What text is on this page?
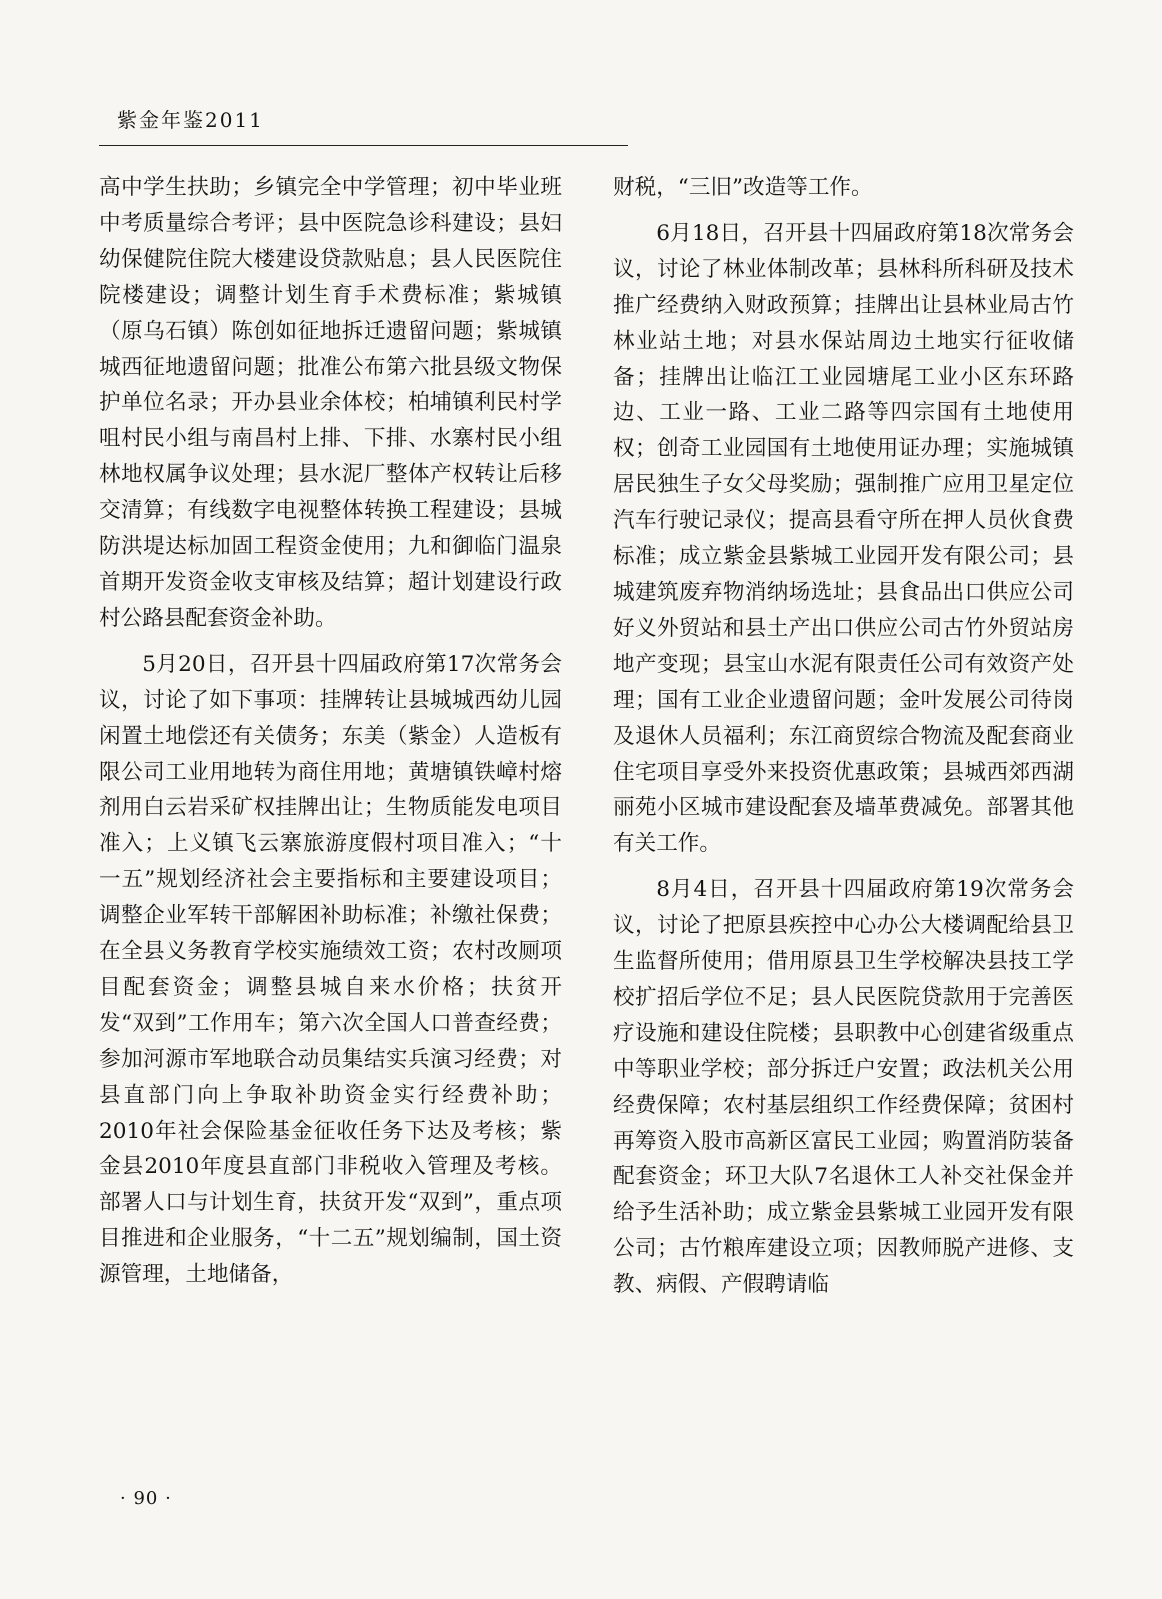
紫金年鉴2011

高中学生扶助；乡镇完全中学管理；初中毕业班中考质量综合考评；县中医院急诊科建设；县妇幼保健院住院大楼建设贷款贴息；县人民医院住院楼建设；调整计划生育手术费标准；紫城镇（原乌石镇）陈创如征地拆迁遗留问题；紫城镇城西征地遗留问题；批准公布第六批县级文物保护单位名录；开办县业余体校；柏埔镇利民村学咀村民小组与南昌村上排、下排、水寨村民小组林地权属争议处理；县水泥厂整体产权转让后移交清算；有线数字电视整体转换工程建设；县城防洪堤达标加固工程资金使用；九和御临门温泉首期开发资金收支审核及结算；超计划建设行政村公路县配套资金补助。

5月20日，召开县十四届政府第17次常务会议，讨论了如下事项：挂牌转让县城城西幼儿园闲置土地偿还有关债务；东美（紫金）人造板有限公司工业用地转为商住用地；黄塘镇铁嶂村熔剂用白云岩采矿权挂牌出让；生物质能发电项目准入；上义镇飞云寨旅游度假村项目准入；“十一五”规划经济社会主要指标和主要建设项目；调整企业军转干部解困补助标准；补缴社保费；在全县义务教育学校实施绩效工资；农村改厕项目配套资金；调整县城自来水价格；扶贫开发“双到”工作用车；第六次全国人口普查经费；参加河源市军地联合动员集结实兵演习经费；对县直部门向上争取补助资金实行经费补助；2010年社会保险基金征收任务下达及考核；紫金县2010年度县直部门非税收入管理及考核。部署人口与计划生育，扶贫开发“双到”，重点项目推进和企业服务，“十二五”规划编制，国土资源管理，土地储备，

财税，“三旧”改造等工作。

6月18日，召开县十四届政府第18次常务会议，讨论了林业体制改革；县林科所科研及技术推广经费纳入财政预算；挂牌出让县林业局古竹林业站土地；对县水保站周边土地实行征收储备；挂牌出让临江工业园塘尾工业小区东环路边、工业一路、工业二路等四宗国有土地使用权；创奇工业园国有土地使用证办理；实施城镇居民独生子女父母奖励；强制推广应用卫星定位汽车行驶记录仪；提高县看守所在押人员伙食费标准；成立紫金县紫城工业园开发有限公司；县城建筑废弃物消纳场选址；县食品出口供应公司好义外贸站和县土产出口供应公司古竹外贸站房地产变现；县宝山水泥有限责任公司有效资产处理；国有工业企业遗留问题；金叶发展公司待岗及退休人员福利；东江商贸综合物流及配套商业住宅项目享受外来投资优惠政策；县城西郊西湖丽苑小区城市建设配套及墙革费减免。部署其他有关工作。

8月4日，召开县十四届政府第19次常务会议，讨论了把原县疾控中心办公大楼调配给县卫生监督所使用；借用原县卫生学校解决县技工学校扩招后学位不足；县人民医院贷款用于完善医疗设施和建设住院楼；县职教中心创建省级重点中等职业学校；部分拆迁户安置；政法机关公用经费保障；农村基层组织工作经费保障；贫困村再筹资入股市高新区富民工业园；购置消防装备配套资金；环卫大队7名退休工人补交社保金并给予生活补助；成立紫金县紫城工业园开发有限公司；古竹粮库建设立项；因教师脱产进修、支教、病假、产假聘请临

· 90 ·
